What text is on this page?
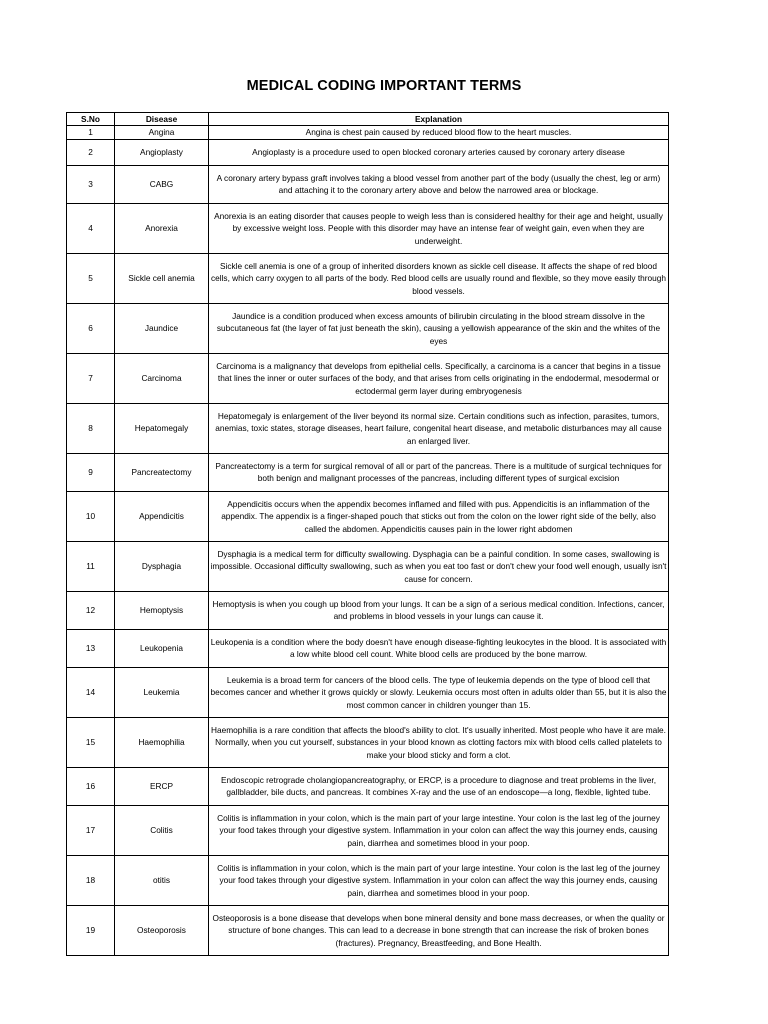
MEDICAL CODING IMPORTANT TERMS
S.No	Disease	Explanation
1	Angina	Angina is chest pain caused by reduced blood flow to the heart muscles.
2	Angioplasty	Angioplasty is a procedure used to open blocked coronary arteries caused by coronary artery disease
3	CABG	A coronary artery bypass graft involves taking a blood vessel from another part of the body (usually the chest, leg or arm) and attaching it to the coronary artery above and below the narrowed area or blockage.
4	Anorexia	Anorexia is an eating disorder that causes people to weigh less than is considered healthy for their age and height, usually by excessive weight loss. People with this disorder may have an intense fear of weight gain, even when they are underweight.
5	Sickle cell anemia	Sickle cell anemia is one of a group of inherited disorders known as sickle cell disease. It affects the shape of red blood cells, which carry oxygen to all parts of the body. Red blood cells are usually round and flexible, so they move easily through blood vessels.
6	Jaundice	Jaundice is a condition produced when excess amounts of bilirubin circulating in the blood stream dissolve in the subcutaneous fat (the layer of fat just beneath the skin), causing a yellowish appearance of the skin and the whites of the eyes
7	Carcinoma	Carcinoma is a malignancy that develops from epithelial cells. Specifically, a carcinoma is a cancer that begins in a tissue that lines the inner or outer surfaces of the body, and that arises from cells originating in the endodermal, mesodermal or ectodermal germ layer during embryogenesis
8	Hepatomegaly	Hepatomegaly is enlargement of the liver beyond its normal size. Certain conditions such as infection, parasites, tumors, anemias, toxic states, storage diseases, heart failure, congenital heart disease, and metabolic disturbances may all cause an enlarged liver.
9	Pancreatectomy	Pancreatectomy is a term for surgical removal of all or part of the pancreas. There is a multitude of surgical techniques for both benign and malignant processes of the pancreas, including different types of surgical excision
10	Appendicitis	Appendicitis occurs when the appendix becomes inflamed and filled with pus. Appendicitis is an inflammation of the appendix. The appendix is a finger-shaped pouch that sticks out from the colon on the lower right side of the belly, also called the abdomen. Appendicitis causes pain in the lower right abdomen
11	Dysphagia	Dysphagia is a medical term for difficulty swallowing. Dysphagia can be a painful condition. In some cases, swallowing is impossible. Occasional difficulty swallowing, such as when you eat too fast or don't chew your food well enough, usually isn't cause for concern.
12	Hemoptysis	Hemoptysis is when you cough up blood from your lungs. It can be a sign of a serious medical condition. Infections, cancer, and problems in blood vessels in your lungs can cause it.
13	Leukopenia	Leukopenia is a condition where the body doesn't have enough disease-fighting leukocytes in the blood. It is associated with a low white blood cell count. White blood cells are produced by the bone marrow.
14	Leukemia	Leukemia is a broad term for cancers of the blood cells. The type of leukemia depends on the type of blood cell that becomes cancer and whether it grows quickly or slowly. Leukemia occurs most often in adults older than 55, but it is also the most common cancer in children younger than 15.
15	Haemophilia	Haemophilia is a rare condition that affects the blood's ability to clot. It's usually inherited. Most people who have it are male. Normally, when you cut yourself, substances in your blood known as clotting factors mix with blood cells called platelets to make your blood sticky and form a clot.
16	ERCP	Endoscopic retrograde cholangiopancreatography, or ERCP, is a procedure to diagnose and treat problems in the liver, gallbladder, bile ducts, and pancreas. It combines X-ray and the use of an endoscope—a long, flexible, lighted tube.
17	Colitis	Colitis is inflammation in your colon, which is the main part of your large intestine. Your colon is the last leg of the journey your food takes through your digestive system. Inflammation in your colon can affect the way this journey ends, causing pain, diarrhea and sometimes blood in your poop.
18	otitis	Colitis is inflammation in your colon, which is the main part of your large intestine. Your colon is the last leg of the journey your food takes through your digestive system. Inflammation in your colon can affect the way this journey ends, causing pain, diarrhea and sometimes blood in your poop.
19	Osteoporosis	Osteoporosis is a bone disease that develops when bone mineral density and bone mass decreases, or when the quality or structure of bone changes. This can lead to a decrease in bone strength that can increase the risk of broken bones (fractures). Pregnancy, Breastfeeding, and Bone Health.
